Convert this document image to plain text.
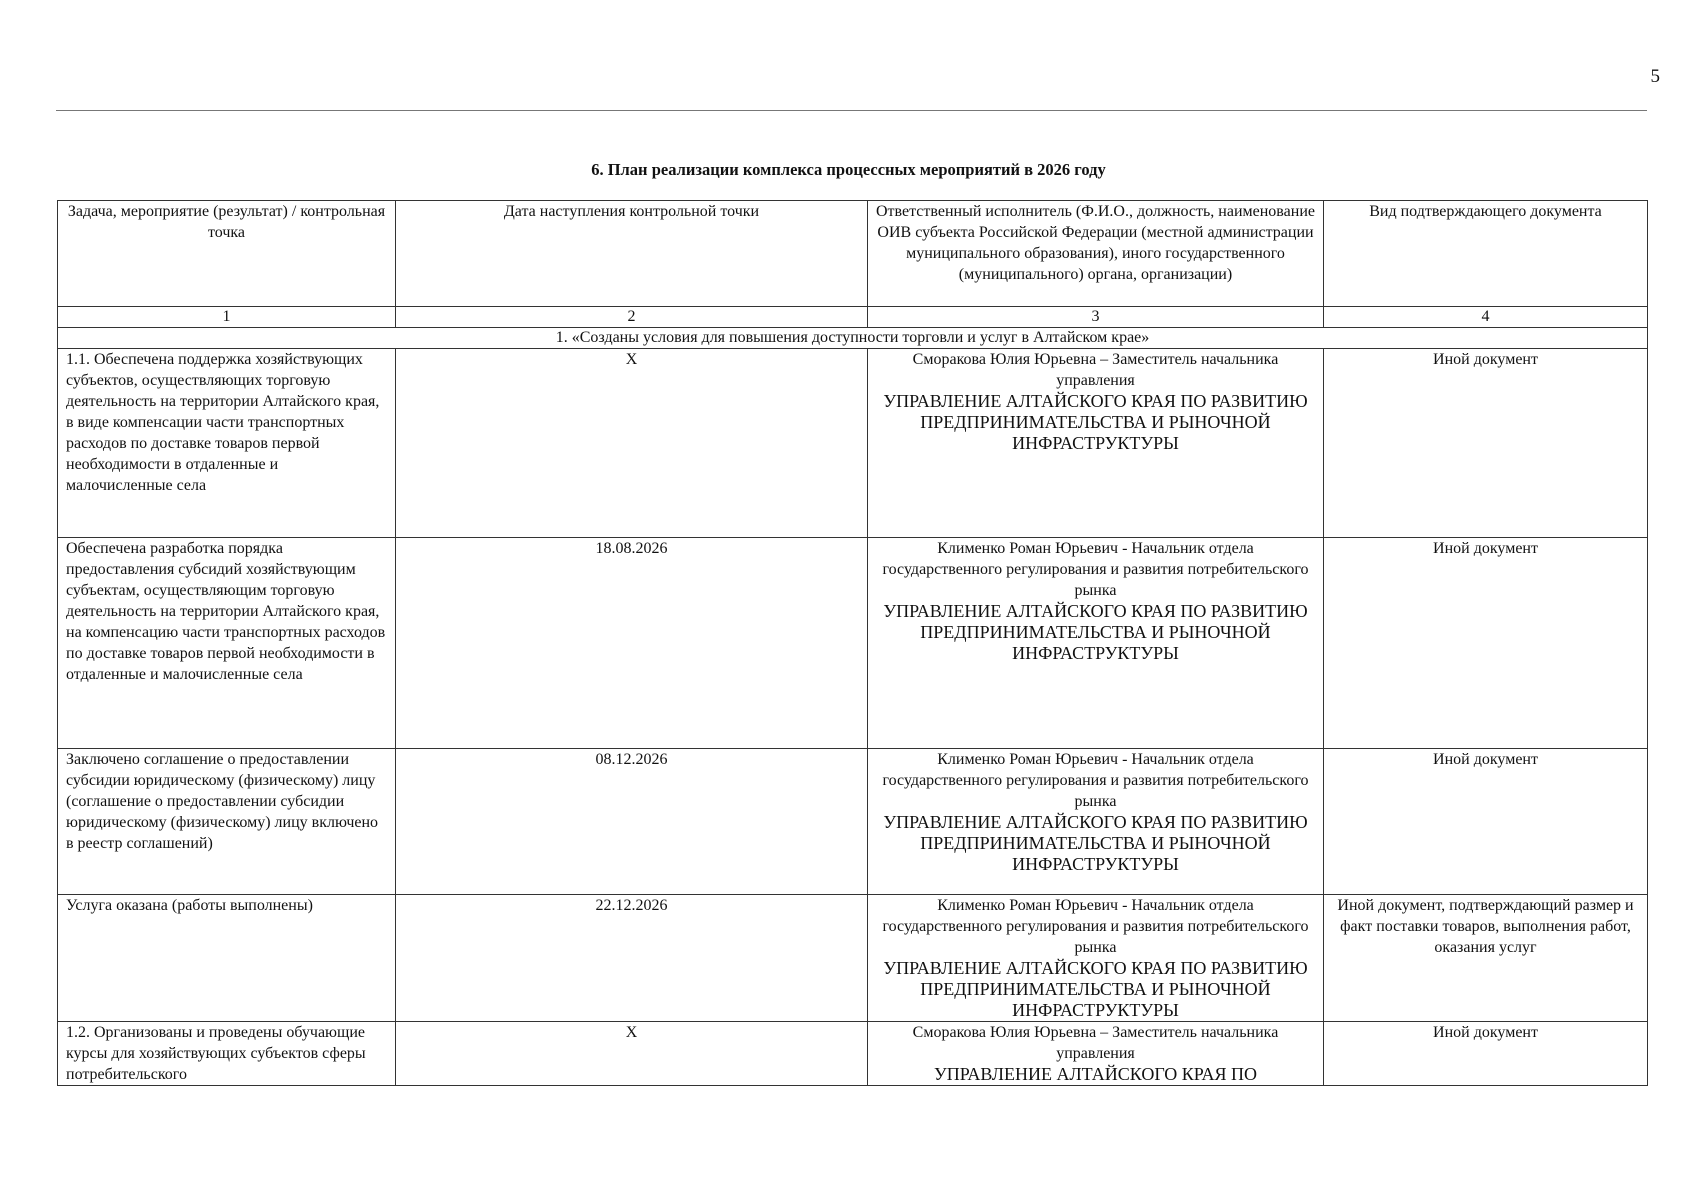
5
6. План реализации комплекса процессных мероприятий в 2026 году
Задача, мероприятие (результат) / контрольная точка	Дата наступления контрольной точки	Ответственный исполнитель (Ф.И.О., должность, наименование ОИВ субъекта Российской Федерации (местной администрации муниципального образования), иного государственного (муниципального) органа, организации)	Вид подтверждающего документа
1	2	3	4
1. «Созданы условия для повышения доступности торговли и услуг в Алтайском крае»			
1.1. Обеспечена поддержка хозяйствующих субъектов, осуществляющих торговую деятельность на территории Алтайского края, в виде компенсации части транспортных расходов по доставке товаров первой необходимости в отдаленные и малочисленные села	X	Сморакова Юлия Юрьевна – Заместитель начальника управления
УПРАВЛЕНИЕ АЛТАЙСКОГО КРАЯ ПО РАЗВИТИЮ ПРЕДПРИНИМАТЕЛЬСТВА И РЫНОЧНОЙ ИНФРАСТРУКТУРЫ	Иной документ
Обеспечена разработка порядка предоставления субсидий хозяйствующим субъектам, осуществляющим торговую деятельность на территории Алтайского края, на компенсацию части транспортных расходов по доставке товаров первой необходимости в отдаленные и малочисленные села	18.08.2026	Клименко Роман Юрьевич - Начальник отдела государственного регулирования и развития потребительского рынка
УПРАВЛЕНИЕ АЛТАЙСКОГО КРАЯ ПО РАЗВИТИЮ ПРЕДПРИНИМАТЕЛЬСТВА И РЫНОЧНОЙ ИНФРАСТРУКТУРЫ	Иной документ
Заключено соглашение о предоставлении субсидии юридическому (физическому) лицу (соглашение о предоставлении субсидии юридическому (физическому) лицу включено в реестр соглашений)	08.12.2026	Клименко Роман Юрьевич - Начальник отдела государственного регулирования и развития потребительского рынка
УПРАВЛЕНИЕ АЛТАЙСКОГО КРАЯ ПО РАЗВИТИЮ ПРЕДПРИНИМАТЕЛЬСТВА И РЫНОЧНОЙ ИНФРАСТРУКТУРЫ	Иной документ
Услуга оказана (работы выполнены)	22.12.2026	Клименко Роман Юрьевич - Начальник отдела государственного регулирования и развития потребительского рынка
УПРАВЛЕНИЕ АЛТАЙСКОГО КРАЯ ПО РАЗВИТИЮ ПРЕДПРИНИМАТЕЛЬСТВА И РЫНОЧНОЙ ИНФРАСТРУКТУРЫ	Иной документ, подтверждающий размер и факт поставки товаров, выполнения работ, оказания услуг
1.2. Организованы и проведены обучающие курсы для хозяйствующих субъектов сферы потребительского	X	Сморакова Юлия Юрьевна – Заместитель начальника управления
УПРАВЛЕНИЕ АЛТАЙСКОГО КРАЯ ПО	Иной документ
